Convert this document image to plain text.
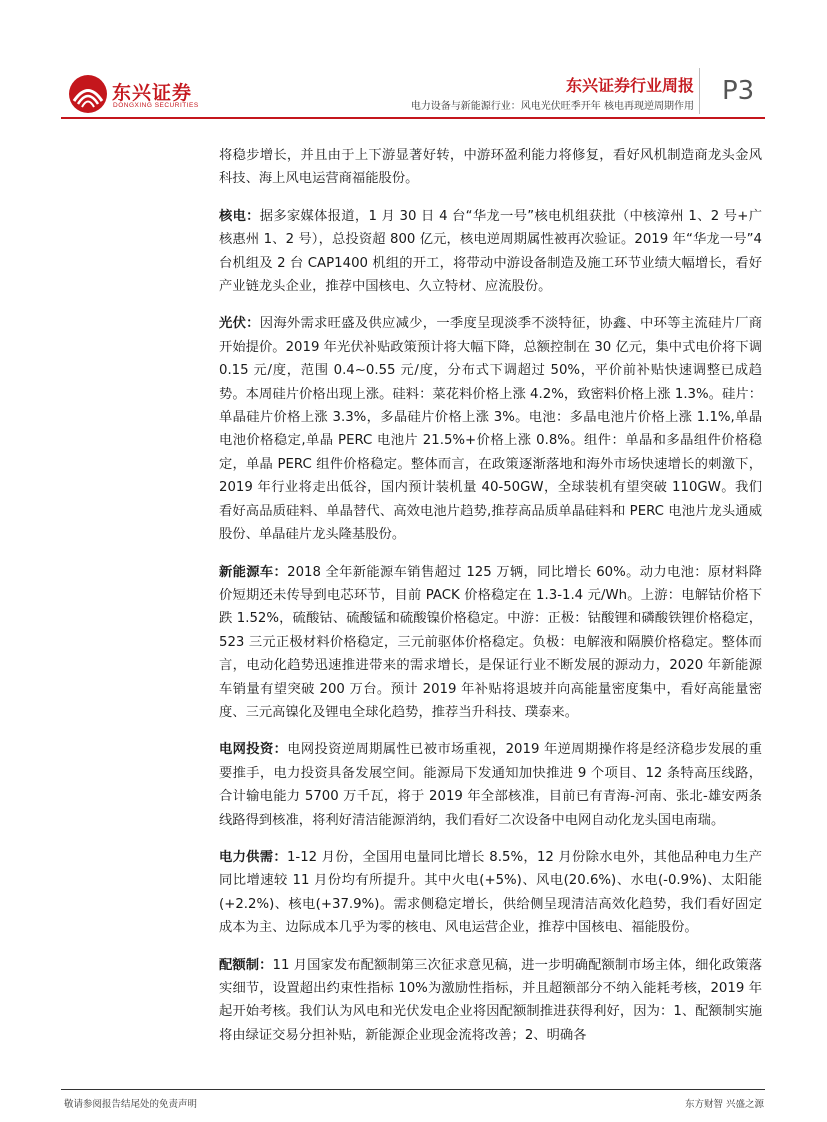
东兴证券
DONGXING SECURITIES
东兴证券行业周报
电力设备与新能源行业：风电光伏旺季开年 核电再现逆周期作用
P3

将稳步增长，并且由于上下游显著好转，中游环盈利能力将修复，看好风机制造商龙头金风科技、海上风电运营商福能股份。

核电：据多家媒体报道，1 月 30 日 4 台“华龙一号”核电机组获批（中核漳州 1、2 号+广核惠州 1、2 号），总投资超 800 亿元，核电逆周期属性被再次验证。2019 年“华龙一号”4 台机组及 2 台 CAP1400 机组的开工，将带动中游设备制造及施工环节业绩大幅增长，看好产业链龙头企业，推荐中国核电、久立特材、应流股份。

光伏：因海外需求旺盛及供应减少，一季度呈现淡季不淡特征，协鑫、中环等主流硅片厂商开始提价。2019 年光伏补贴政策预计将大幅下降，总额控制在 30 亿元，集中式电价将下调 0.15 元/度，范围 0.4~0.55 元/度，分布式下调超过 50%，平价前补贴快速调整已成趋势。本周硅片价格出现上涨。硅料：菜花料价格上涨 4.2%，致密料价格上涨 1.3%。硅片：单晶硅片价格上涨 3.3%，多晶硅片价格上涨 3%。电池：多晶电池片价格上涨 1.1%,单晶电池价格稳定,单晶 PERC 电池片 21.5%+价格上涨 0.8%。组件：单晶和多晶组件价格稳定，单晶 PERC 组件价格稳定。整体而言，在政策逐渐落地和海外市场快速增长的刺激下，2019 年行业将走出低谷，国内预计装机量 40-50GW，全球装机有望突破 110GW。我们看好高品质硅料、单晶替代、高效电池片趋势,推荐高品质单晶硅料和 PERC 电池片龙头通威股份、单晶硅片龙头隆基股份。

新能源车：2018 全年新能源车销售超过 125 万辆，同比增长 60%。动力电池：原材料降价短期还未传导到电芯环节，目前 PACK 价格稳定在 1.3-1.4 元/Wh。上游：电解钴价格下跌 1.52%，硫酸钴、硫酸锰和硫酸镍价格稳定。中游：正极：钴酸锂和磷酸铁锂价格稳定，523 三元正极材料价格稳定，三元前驱体价格稳定。负极：电解液和隔膜价格稳定。整体而言，电动化趋势迅速推进带来的需求增长，是保证行业不断发展的源动力，2020 年新能源车销量有望突破 200 万台。预计 2019 年补贴将退坡并向高能量密度集中，看好高能量密度、三元高镍化及锂电全球化趋势，推荐当升科技、璞泰来。

电网投资：电网投资逆周期属性已被市场重视，2019 年逆周期操作将是经济稳步发展的重要推手，电力投资具备发展空间。能源局下发通知加快推进 9 个项目、12 条特高压线路，合计输电能力 5700 万千瓦，将于 2019 年全部核准，目前已有青海-河南、张北-雄安两条线路得到核准，将利好清洁能源消纳，我们看好二次设备中电网自动化龙头国电南瑞。

电力供需：1-12 月份，全国用电量同比增长 8.5%，12 月份除水电外，其他品种电力生产同比增速较 11 月份均有所提升。其中火电(+5%)、风电(20.6%)、水电(-0.9%)、太阳能(+2.2%)、核电(+37.9%)。需求侧稳定增长，供给侧呈现清洁高效化趋势，我们看好固定成本为主、边际成本几乎为零的核电、风电运营企业，推荐中国核电、福能股份。

配额制：11 月国家发布配额制第三次征求意见稿，进一步明确配额制市场主体，细化政策落实细节，设置超出约束性指标 10%为激励性指标，并且超额部分不纳入能耗考核，2019 年起开始考核。我们认为风电和光伏发电企业将因配额制推进获得利好，因为：1、配额制实施将由绿证交易分担补贴，新能源企业现金流将改善；2、明确各

敬请参阅报告结尾处的免责声明	东方财智 兴盛之源
